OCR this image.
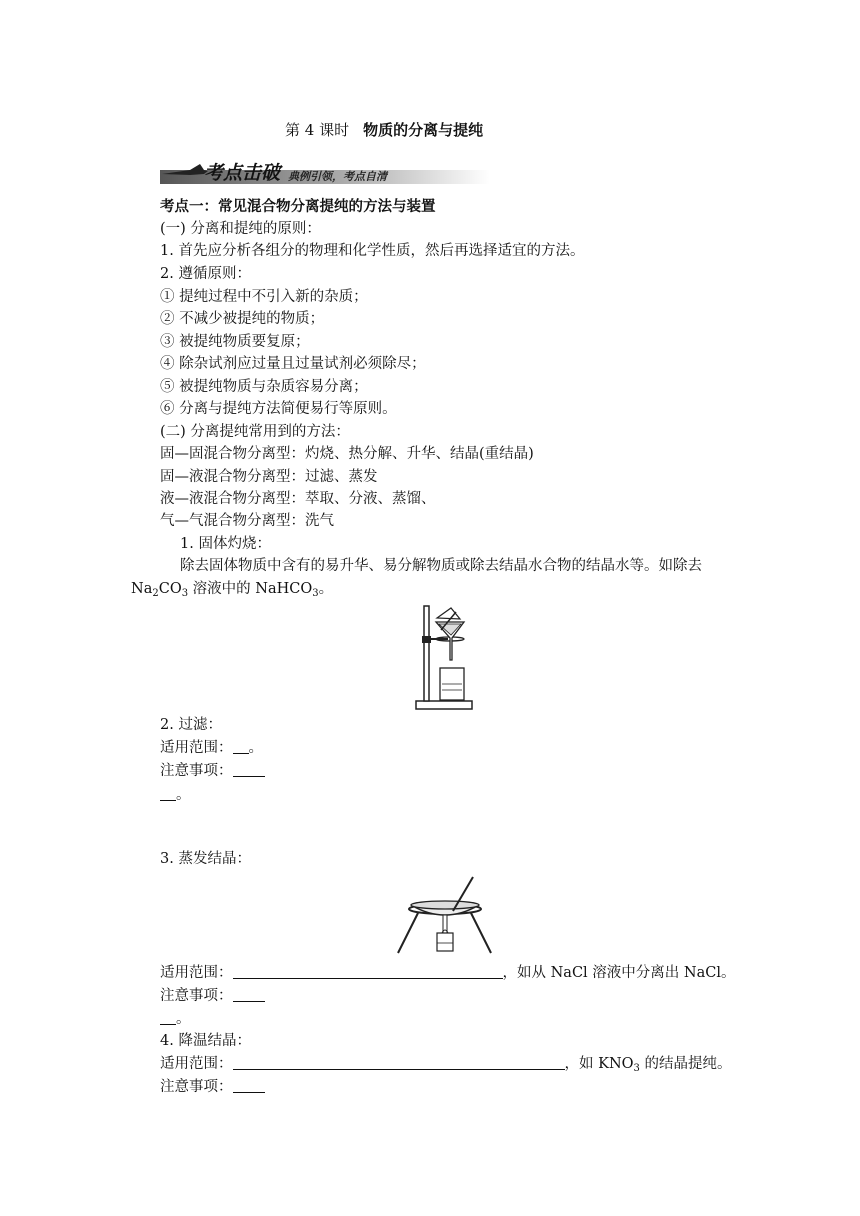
第 4 课时 物质的分离与提纯
考点击破 典例引领，考点自清
考点一：常见混合物分离提纯的方法与装置
(一) 分离和提纯的原则：
1. 首先应分析各组分的物理和化学性质，然后再选择适宜的方法。
2. 遵循原则：
① 提纯过程中不引入新的杂质；
② 不减少被提纯的物质；
③ 被提纯物质要复原；
④ 除杂试剂应过量且过量试剂必须除尽；
⑤ 被提纯物质与杂质容易分离；
⑥ 分离与提纯方法简便易行等原则。
(二) 分离提纯常用到的方法：
固—固混合物分离型：灼烧、热分解、升华、结晶(重结晶)
固—液混合物分离型：过滤、蒸发
液—液混合物分离型：萃取、分液、蒸馏、
气—气混合物分离型：洗气
1. 固体灼烧：
除去固体物质中含有的易升华、易分解物质或除去结晶水合物的结晶水等。如除去
$Na_2CO_3$ 溶液中的 NaHCO$_3$。
2. 过滤：
适用范围： 。
注意事项：
。
3. 蒸发结晶：
适用范围：	，如从 NaCl 溶液中分离出 NaCl。
注意事项：
。
4. 降温结晶：
适用范围：	，如 $KNO_3$ 的结晶提纯。
注意事项：
